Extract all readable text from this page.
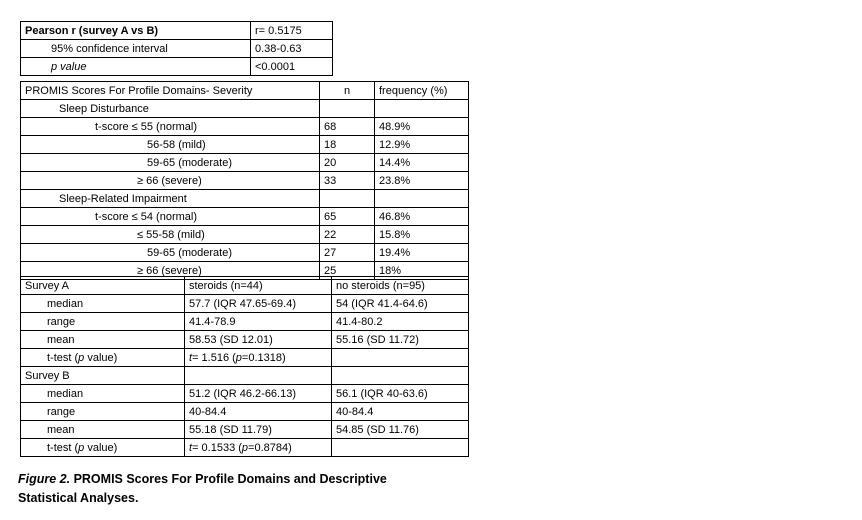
Pearson r (survey A vs B)	r= 0.5175
95% confidence interval	0.38-0.63
p value	<0.0001
PROMIS Scores For Profile Domains- Severity	n	frequency (%)
Sleep Disturbance		
t-score ≤ 55 (normal)	68	48.9%
56-58 (mild)	18	12.9%
59-65 (moderate)	20	14.4%
≥ 66 (severe)	33	23.8%
Sleep-Related Impairment		
t-score ≤ 54 (normal)	65	46.8%
≤ 55-58 (mild)	22	15.8%
59-65 (moderate)	27	19.4%
≥ 66 (severe)	25	18%
Survey A	steroids (n=44)	no steroids (n=95)
median	57.7 (IQR 47.65-69.4)	54 (IQR 41.4-64.6)
range	41.4-78.9	41.4-80.2
mean	58.53 (SD 12.01)	55.16 (SD 11.72)
t-test (p value)	t= 1.516 (p=0.1318)	
Survey B		
median	51.2 (IQR 46.2-66.13)	56.1 (IQR 40-63.6)
range	40-84.4	40-84.4
mean	55.18 (SD 11.79)	54.85 (SD 11.76)
t-test (p value)	t= 0.1533 (p=0.8784)	
Figure 2. PROMIS Scores For Profile Domains and Descriptive Statistical Analyses.
